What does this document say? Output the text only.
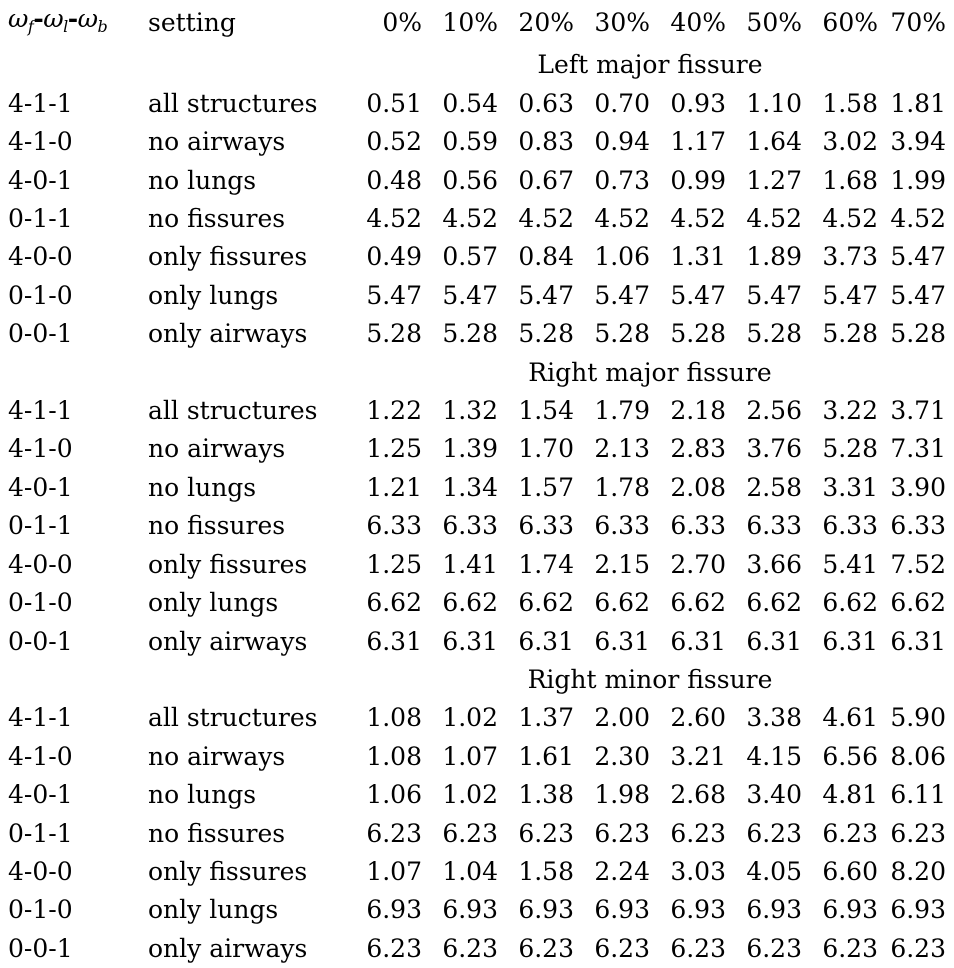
$\omega_f-\omega_l-\omega_b$	setting	0%	10%	20%	30%	40%	50%	60%	70%
		Left major fissure							
4-1-1	all structures	0.51	0.54	0.63	0.70	0.93	1.10	1.58	1.81
4-1-0	no airways	0.52	0.59	0.83	0.94	1.17	1.64	3.02	3.94
4-0-1	no lungs	0.48	0.56	0.67	0.73	0.99	1.27	1.68	1.99
0-1-1	no fissures	4.52	4.52	4.52	4.52	4.52	4.52	4.52	4.52
4-0-0	only fissures	0.49	0.57	0.84	1.06	1.31	1.89	3.73	5.47
0-1-0	only lungs	5.47	5.47	5.47	5.47	5.47	5.47	5.47	5.47
0-0-1	only airways	5.28	5.28	5.28	5.28	5.28	5.28	5.28	5.28
		Right major fissure							
4-1-1	all structures	1.22	1.32	1.54	1.79	2.18	2.56	3.22	3.71
4-1-0	no airways	1.25	1.39	1.70	2.13	2.83	3.76	5.28	7.31
4-0-1	no lungs	1.21	1.34	1.57	1.78	2.08	2.58	3.31	3.90
0-1-1	no fissures	6.33	6.33	6.33	6.33	6.33	6.33	6.33	6.33
4-0-0	only fissures	1.25	1.41	1.74	2.15	2.70	3.66	5.41	7.52
0-1-0	only lungs	6.62	6.62	6.62	6.62	6.62	6.62	6.62	6.62
0-0-1	only airways	6.31	6.31	6.31	6.31	6.31	6.31	6.31	6.31
		Right minor fissure							
4-1-1	all structures	1.08	1.02	1.37	2.00	2.60	3.38	4.61	5.90
4-1-0	no airways	1.08	1.07	1.61	2.30	3.21	4.15	6.56	8.06
4-0-1	no lungs	1.06	1.02	1.38	1.98	2.68	3.40	4.81	6.11
0-1-1	no fissures	6.23	6.23	6.23	6.23	6.23	6.23	6.23	6.23
4-0-0	only fissures	1.07	1.04	1.58	2.24	3.03	4.05	6.60	8.20
0-1-0	only lungs	6.93	6.93	6.93	6.93	6.93	6.93	6.93	6.93
0-0-1	only airways	6.23	6.23	6.23	6.23	6.23	6.23	6.23	6.23
